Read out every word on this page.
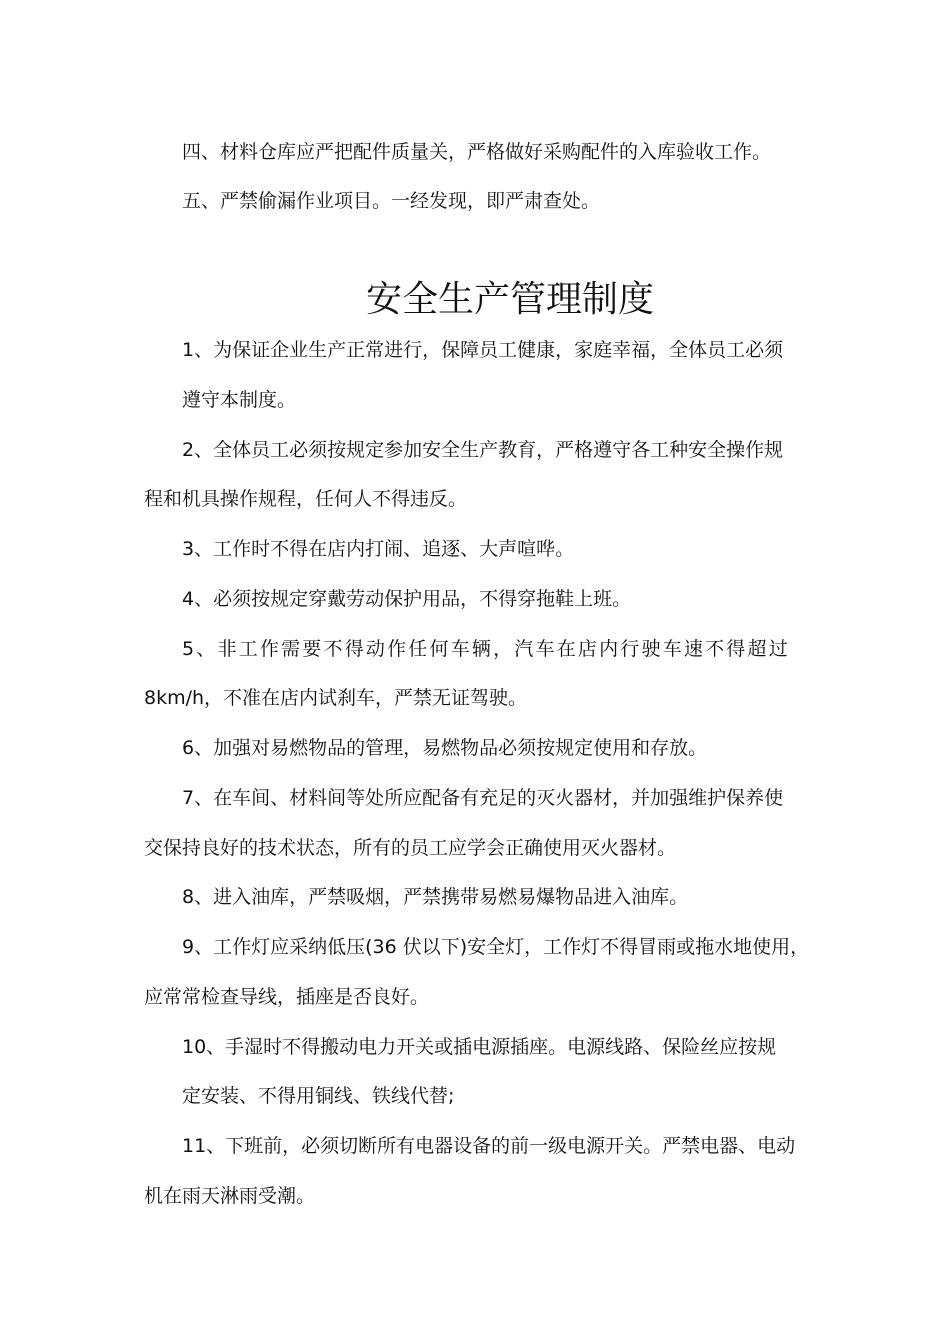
四、材料仓库应严把配件质量关，严格做好采购配件的入库验收工作。

五、严禁偷漏作业项目。一经发现，即严肃查处。

安全生产管理制度

1、为保证企业生产正常进行，保障员工健康，家庭幸福，全体员工必须

遵守本制度。

2、全体员工必须按规定参加安全生产教育，严格遵守各工种安全操作规

程和机具操作规程，任何人不得违反。

3、工作时不得在店内打闹、追逐、大声喧哗。

4、必须按规定穿戴劳动保护用品，不得穿拖鞋上班。

5、非工作需要不得动作任何车辆，汽车在店内行驶车速不得超过

8km/h，不准在店内试刹车，严禁无证驾驶。

6、加强对易燃物品的管理，易燃物品必须按规定使用和存放。

7、在车间、材料间等处所应配备有充足的灭火器材，并加强维护保养使

交保持良好的技术状态，所有的员工应学会正确使用灭火器材。

8、进入油库，严禁吸烟，严禁携带易燃易爆物品进入油库。

9、工作灯应采纳低压(36 伏以下)安全灯，工作灯不得冒雨或拖水地使用，

应常常检查导线，插座是否良好。

10、手湿时不得搬动电力开关或插电源插座。电源线路、保险丝应按规

定安装、不得用铜线、铁线代替;

11、下班前，必须切断所有电器设备的前一级电源开关。严禁电器、电动

机在雨天淋雨受潮。
